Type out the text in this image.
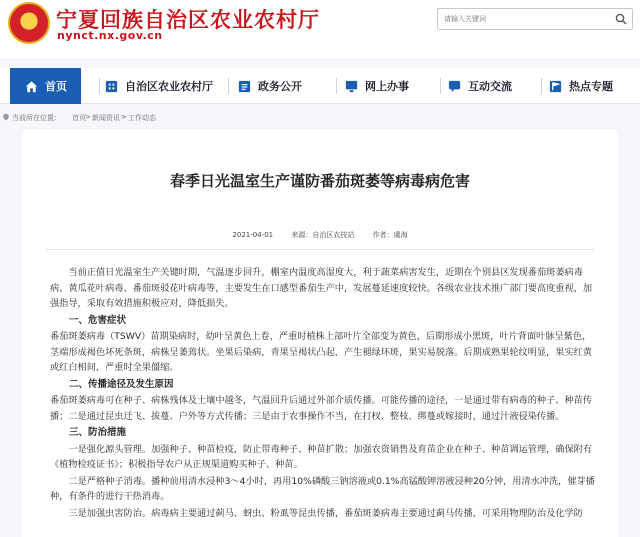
★ 宁夏回族自治区农业农村厅
nynct.nx.gov.cn
请输入关键词
首页	自治区农业农村厅	政务公开	网上办事	互动交流	热点专题
当前所在位置： 首页 > 新闻资讯 > 工作动态
春季日光温室生产谨防番茄斑萎等病毒病危害
2021-04-01	来源：自治区农技站	作者：虞海

当前正值日光温室生产关键时期，气温逐步回升，棚室内温度高湿度大，利于蔬菜病害发生，近期在个别县区发现番茄斑萎病毒病、黄瓜花叶病毒、番茄斑驳花叶病毒等，主要发生在口感型番茄生产中，发展蔓延速度较快。各级农业技术推广部门要高度重视，加强指导，采取有效措施积极应对，降低损失。

一、危害症状

番茄斑萎病毒（TSWV）苗期染病时，幼叶呈黄色上卷，严重时植株上部叶片全部变为黄色，后期形成小黑斑，叶片背面叶脉呈紫色，茎端形成褐色坏死条斑，病株呈萎蔫状。坐果后染病，青果呈褐状凸起，产生褪绿环斑，果实易脱落。后期成熟果轮纹明显，果实红黄或红白相间，严重时全果僵缩。

二、传播途径及发生原因

番茄斑萎病毒可在种子、病株残体及土壤中越冬，气温回升后通过外部介质传播。可能传播的途径，一是通过带有病毒的种子、种苗传播；二是通过昆虫迁飞、拔蔓、户外等方式传播；三是由于农事操作不当，在打杈、整枝、绑蔓或嫁接时，通过汁液侵染传播。

三、防治措施

一是强化源头管理。加强种子、种苗检疫，防止带毒种子、种苗扩散；加强农资销售及育苗企业在种子、种苗调运管理，确保附有《植物检疫证书》；积极指导农户从正规渠道购买种子、种苗。

二是严格种子消毒。播种前用清水浸种3～4小时，再用10%磷酸三钠溶液或0.1%高锰酸钾溶液浸种20分钟，用清水冲洗，催芽播种，有条件的进行干热消毒。

三是加强虫害防治。病毒病主要通过蓟马、蚜虫、粉虱等昆虫传播，番茄斑萎病毒主要通过蓟马传播，可采用物理防治及化学防
